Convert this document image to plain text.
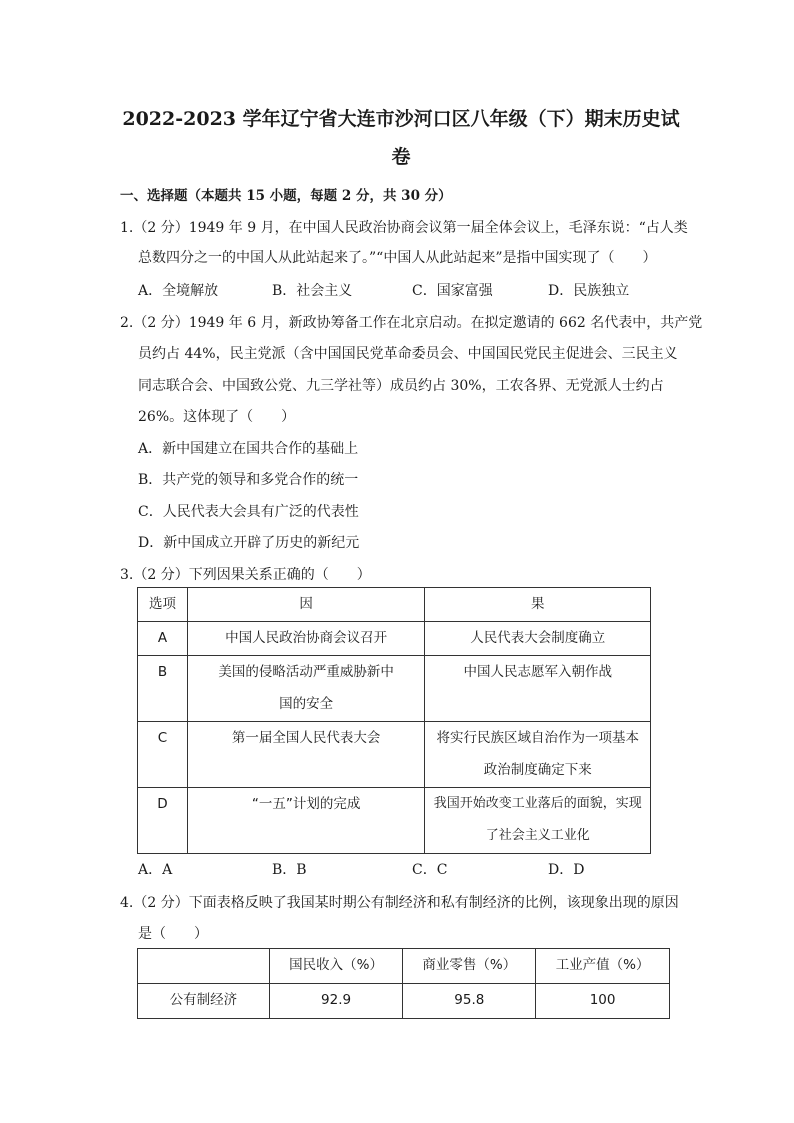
2022-2023 学年辽宁省大连市沙河口区八年级（下）期末历史试
卷
一、选择题（本题共 15 小题，每题 2 分，共 30 分）
1.（2 分）1949 年 9 月，在中国人民政治协商会议第一届全体会议上，毛泽东说：“占人类
总数四分之一的中国人从此站起来了。”“中国人从此站起来”是指中国实现了（　　）
A．全境解放	B．社会主义	C．国家富强	D．民族独立
2.（2 分）1949 年 6 月，新政协筹备工作在北京启动。在拟定邀请的 662 名代表中，共产党
员约占 44%，民主党派（含中国国民党革命委员会、中国国民党民主促进会、三民主义
同志联合会、中国致公党、九三学社等）成员约占 30%，工农各界、无党派人士约占
26%。这体现了（　　）
A．新中国建立在国共合作的基础上
B．共产党的领导和多党合作的统一
C．人民代表大会具有广泛的代表性
D．新中国成立开辟了历史的新纪元
3.（2 分）下列因果关系正确的（　　）
选项	因	果
A	中国人民政治协商会议召开	人民代表大会制度确立

B	美国的侵略活动严重威胁新中
国的安全	中国人民志愿军入朝作战

C	第一届全国人民代表大会	将实行民族区域自治作为一项基本
政治制度确定下来

D	“一五”计划的完成	我国开始改变工业落后的面貌，实现
了社会主义工业化
A．A	B．B	C．C	D．D
4.（2 分）下面表格反映了我国某时期公有制经济和私有制经济的比例，该现象出现的原因
是（　　）
	国民收入（%）	商业零售（%）	工业产值（%）
公有制经济	92.9	95.8	100
